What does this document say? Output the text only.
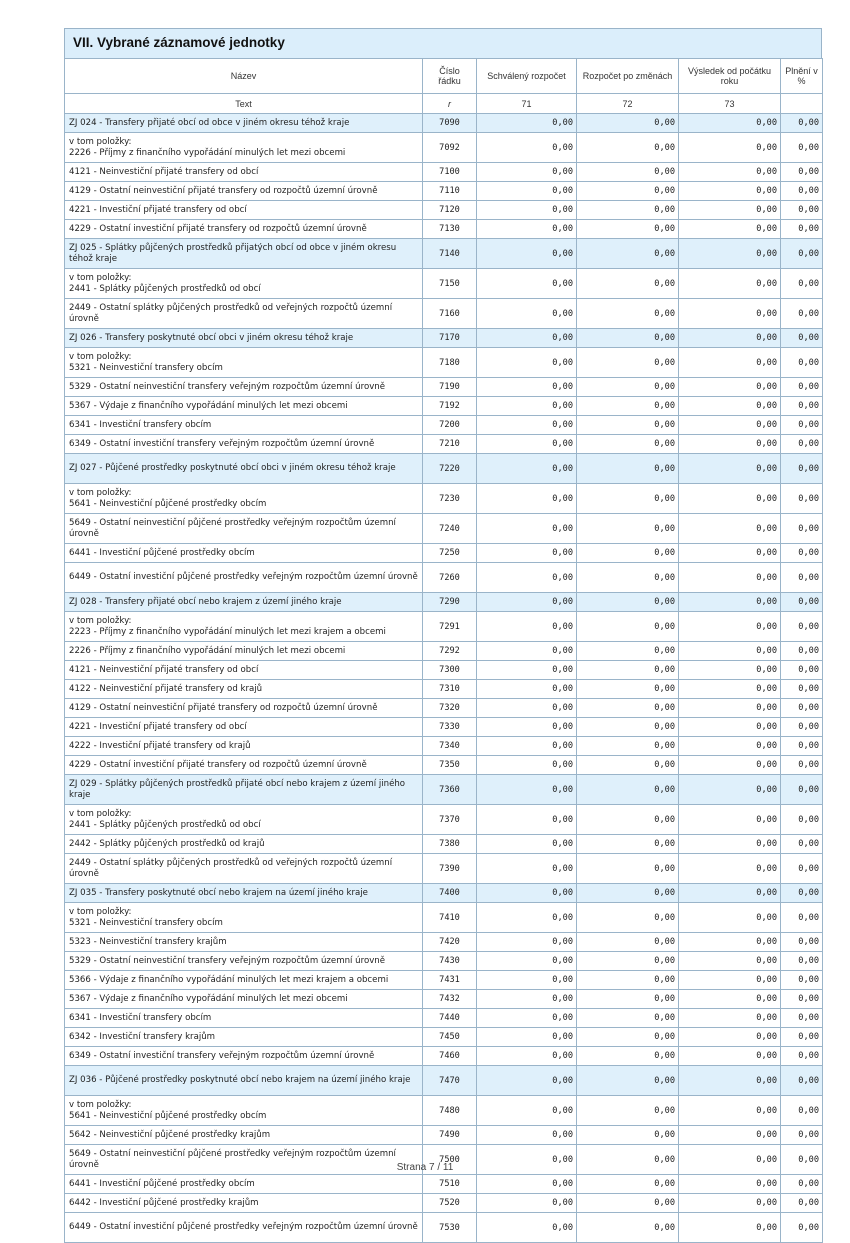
VII. Vybrané záznamové jednotky
Název	Číslo řádku	Schválený rozpočet	Rozpočet po změnách	Výsledek od počátku roku	Plnění v %
Text	r	71	72	73	

ZJ 024 - Transfery přijaté obcí od obce v jiném okresu téhož kraje	7090	0,00	0,00	0,00	0,00

v tom položky:
2226 - Příjmy z finančního vypořádání minulých let mezi obcemi	7092	0,00	0,00	0,00	0,00

4121 - Neinvestiční přijaté transfery od obcí	7100	0,00	0,00	0,00	0,00

4129 - Ostatní neinvestiční přijaté transfery od rozpočtů územní úrovně	7110	0,00	0,00	0,00	0,00

4221 - Investiční přijaté transfery od obcí	7120	0,00	0,00	0,00	0,00

4229 - Ostatní investiční přijaté transfery od rozpočtů územní úrovně	7130	0,00	0,00	0,00	0,00

ZJ 025 - Splátky půjčených prostředků přijatých obcí od obce v jiném okresu téhož kraje	7140	0,00	0,00	0,00	0,00

v tom položky:
2441 - Splátky půjčených prostředků od obcí	7150	0,00	0,00	0,00	0,00

2449 - Ostatní splátky půjčených prostředků od veřejných rozpočtů územní úrovně	7160	0,00	0,00	0,00	0,00

ZJ 026 - Transfery poskytnuté obcí obci v jiném okresu téhož kraje	7170	0,00	0,00	0,00	0,00

v tom položky:
5321 - Neinvestiční transfery obcím	7180	0,00	0,00	0,00	0,00

5329 - Ostatní neinvestiční transfery veřejným rozpočtům územní úrovně	7190	0,00	0,00	0,00	0,00

5367 - Výdaje z finančního vypořádání minulých let mezi obcemi	7192	0,00	0,00	0,00	0,00

6341 - Investiční transfery obcím	7200	0,00	0,00	0,00	0,00

6349 - Ostatní investiční transfery veřejným rozpočtům územní úrovně	7210	0,00	0,00	0,00	0,00

ZJ 027 - Půjčené prostředky poskytnuté obcí obci v jiném okresu téhož kraje	7220	0,00	0,00	0,00	0,00

v tom položky:
5641 - Neinvestiční půjčené prostředky obcím	7230	0,00	0,00	0,00	0,00

5649 - Ostatní neinvestiční půjčené prostředky veřejným rozpočtům územní úrovně	7240	0,00	0,00	0,00	0,00

6441 - Investiční půjčené prostředky obcím	7250	0,00	0,00	0,00	0,00

6449 - Ostatní investiční půjčené prostředky veřejným rozpočtům územní úrovně	7260	0,00	0,00	0,00	0,00

ZJ 028 - Transfery přijaté obcí nebo krajem z území jiného kraje	7290	0,00	0,00	0,00	0,00

v tom položky:
2223 - Příjmy z finančního vypořádání minulých let mezi krajem a obcemi	7291	0,00	0,00	0,00	0,00

2226 - Příjmy z finančního vypořádání minulých let mezi obcemi	7292	0,00	0,00	0,00	0,00

4121 - Neinvestiční přijaté transfery od obcí	7300	0,00	0,00	0,00	0,00

4122 - Neinvestiční přijaté transfery od krajů	7310	0,00	0,00	0,00	0,00

4129 - Ostatní neinvestiční přijaté transfery od rozpočtů územní úrovně	7320	0,00	0,00	0,00	0,00

4221 - Investiční přijaté transfery od obcí	7330	0,00	0,00	0,00	0,00

4222 - Investiční přijaté transfery od krajů	7340	0,00	0,00	0,00	0,00

4229 - Ostatní investiční přijaté transfery od rozpočtů územní úrovně	7350	0,00	0,00	0,00	0,00

ZJ 029 - Splátky půjčených prostředků přijaté obcí nebo krajem z území jiného kraje	7360	0,00	0,00	0,00	0,00

v tom položky:
2441 - Splátky půjčených prostředků od obcí	7370	0,00	0,00	0,00	0,00

2442 - Splátky půjčených prostředků od krajů	7380	0,00	0,00	0,00	0,00

2449 - Ostatní splátky půjčených prostředků od veřejných rozpočtů územní úrovně	7390	0,00	0,00	0,00	0,00

ZJ 035 - Transfery poskytnuté obcí nebo krajem na území jiného kraje	7400	0,00	0,00	0,00	0,00

v tom položky:
5321 - Neinvestiční transfery obcím	7410	0,00	0,00	0,00	0,00

5323 - Neinvestiční transfery krajům	7420	0,00	0,00	0,00	0,00

5329 - Ostatní neinvestiční transfery veřejným rozpočtům územní úrovně	7430	0,00	0,00	0,00	0,00

5366 - Výdaje z finančního vypořádání minulých let mezi krajem a obcemi	7431	0,00	0,00	0,00	0,00

5367 - Výdaje z finančního vypořádání minulých let mezi obcemi	7432	0,00	0,00	0,00	0,00

6341 - Investiční transfery obcím	7440	0,00	0,00	0,00	0,00

6342 - Investiční transfery krajům	7450	0,00	0,00	0,00	0,00

6349 - Ostatní investiční transfery veřejným rozpočtům územní úrovně	7460	0,00	0,00	0,00	0,00

ZJ 036 - Půjčené prostředky poskytnuté obcí nebo krajem na území jiného kraje	7470	0,00	0,00	0,00	0,00

v tom položky:
5641 - Neinvestiční půjčené prostředky obcím	7480	0,00	0,00	0,00	0,00

5642 - Neinvestiční půjčené prostředky krajům	7490	0,00	0,00	0,00	0,00

5649 - Ostatní neinvestiční půjčené prostředky veřejným rozpočtům územní úrovně	7500	0,00	0,00	0,00	0,00

6441 - Investiční půjčené prostředky obcím	7510	0,00	0,00	0,00	0,00

6442 - Investiční půjčené prostředky krajům	7520	0,00	0,00	0,00	0,00

6449 - Ostatní investiční půjčené prostředky veřejným rozpočtům územní úrovně	7530	0,00	0,00	0,00	0,00
Strana 7 / 11
